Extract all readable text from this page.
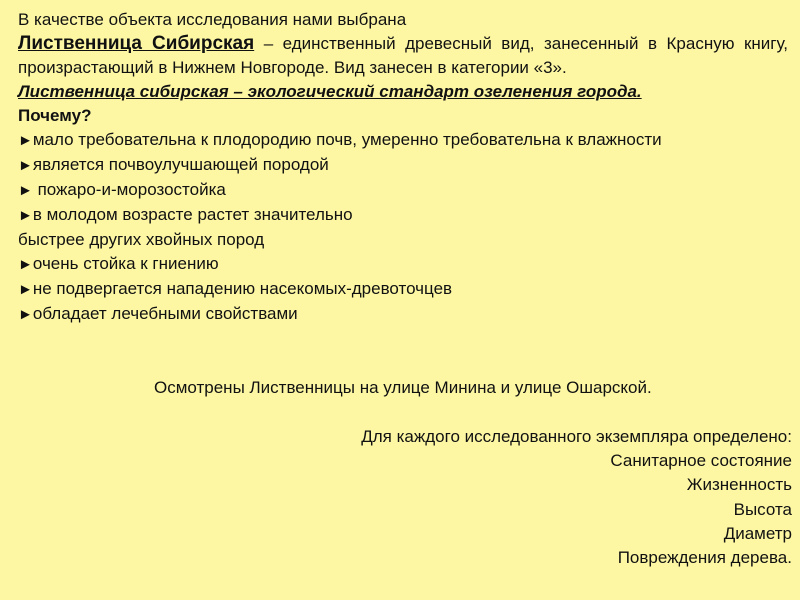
В качестве объекта исследования нами выбрана

Лиственница Сибирская – единственный древесный вид, занесенный в Красную книгу, произрастающий в Нижнем Новгороде. Вид занесен в категории «3».

Лиственница сибирская – экологический стандарт озеленения города.

Почему?

►мало требовательна к плодородию почв, умеренно требовательна к влажности

►является почвоулучшающей породой

► пожаро-и-морозостойка

►в молодом возрасте растет значительно

быстрее других хвойных пород

►очень стойка к гниению

►не подвергается нападению насекомых-древоточцев

►обладает лечебными свойствами

Осмотрены Лиственницы на улице Минина и улице Ошарской.
Для каждого исследованного экземпляра определено:
Санитарное состояние
Жизненность
Высота
Диаметр
Повреждения дерева.
